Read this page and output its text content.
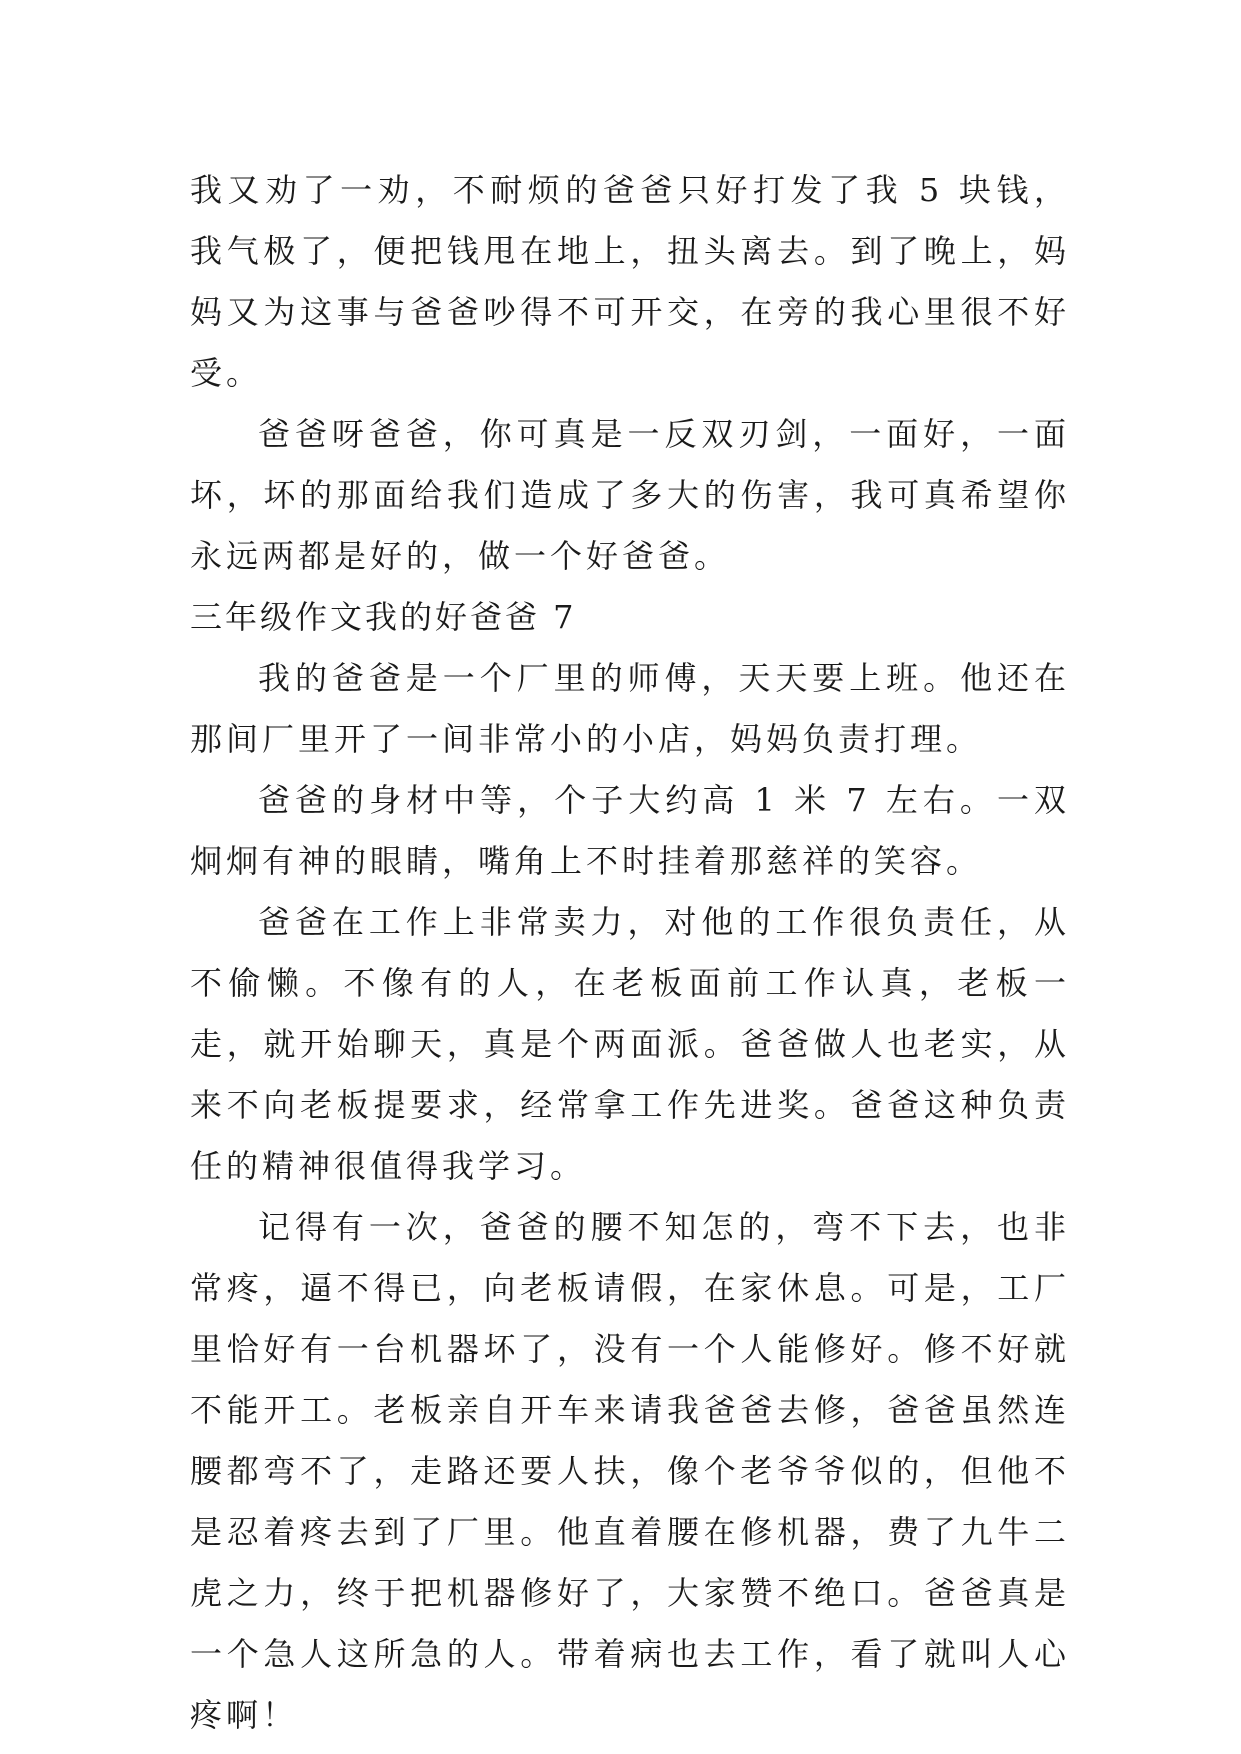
我又劝了一劝，不耐烦的爸爸只好打发了我 5 块钱，我气极了，便把钱甩在地上，扭头离去。到了晚上，妈妈又为这事与爸爸吵得不可开交，在旁的我心里很不好受。

爸爸呀爸爸，你可真是一反双刃剑，一面好，一面坏，坏的那面给我们造成了多大的伤害，我可真希望你永远两都是好的，做一个好爸爸。

三年级作文我的好爸爸 7

我的爸爸是一个厂里的师傅，天天要上班。他还在那间厂里开了一间非常小的小店，妈妈负责打理。

爸爸的身材中等，个子大约高 1 米 7 左右。一双炯炯有神的眼睛，嘴角上不时挂着那慈祥的笑容。

爸爸在工作上非常卖力，对他的工作很负责任，从不偷懒。不像有的人，在老板面前工作认真，老板一走，就开始聊天，真是个两面派。爸爸做人也老实，从来不向老板提要求，经常拿工作先进奖。爸爸这种负责任的精神很值得我学习。

记得有一次，爸爸的腰不知怎的，弯不下去，也非常疼，逼不得已，向老板请假，在家休息。可是，工厂里恰好有一台机器坏了，没有一个人能修好。修不好就不能开工。老板亲自开车来请我爸爸去修，爸爸虽然连腰都弯不了，走路还要人扶，像个老爷爷似的，但他不是忍着疼去到了厂里。他直着腰在修机器，费了九牛二虎之力，终于把机器修好了，大家赞不绝口。爸爸真是一个急人这所急的人。带着病也去工作，看了就叫人心疼啊！
